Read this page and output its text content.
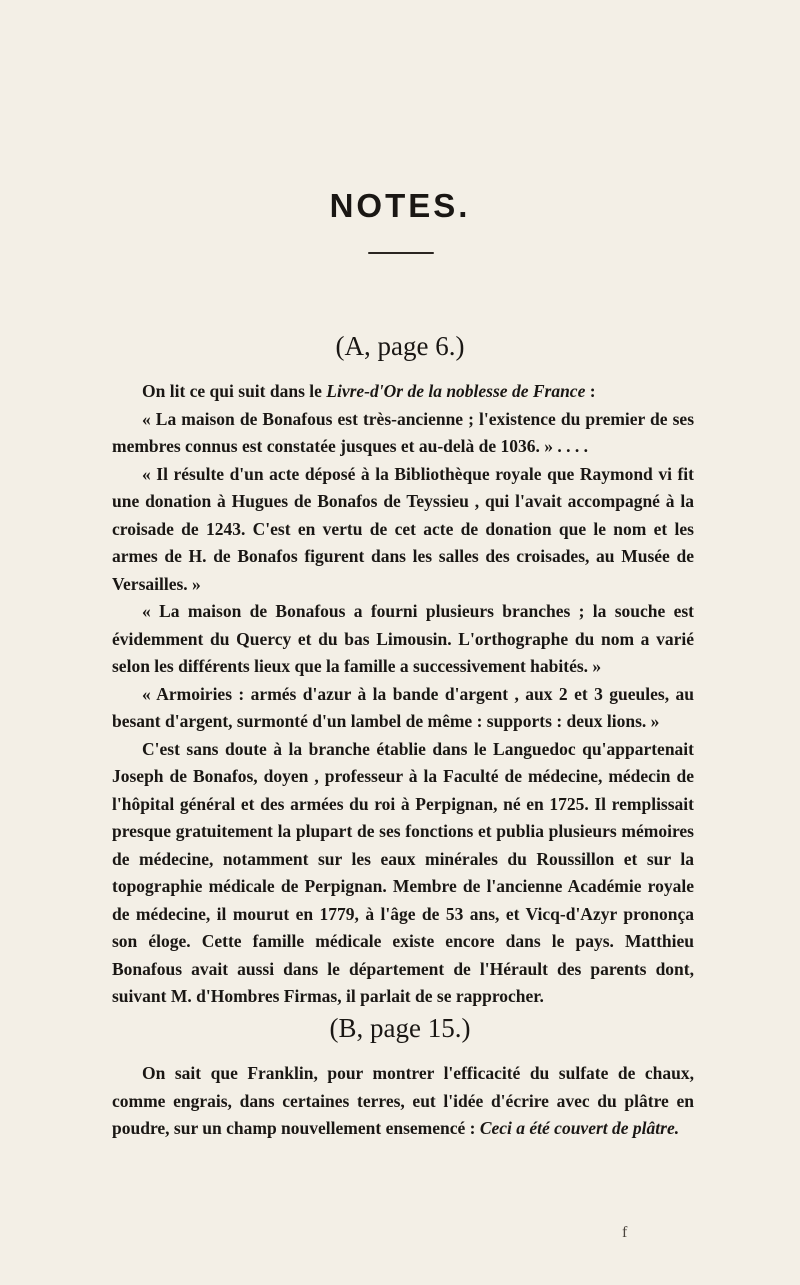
NOTES.
(A, page 6.)

On lit ce qui suit dans le Livre-d'Or de la noblesse de France :

« La maison de Bonafous est très-ancienne ; l'existence du premier de ses membres connus est constatée jusques et au-delà de 1036. » . . . .

« Il résulte d'un acte déposé à la Bibliothèque royale que Raymond vi fit une donation à Hugues de Bonafos de Teyssieu , qui l'avait accompagné à la croisade de 1243. C'est en vertu de cet acte de donation que le nom et les armes de H. de Bonafos figurent dans les salles des croisades, au Musée de Versailles. »

« La maison de Bonafous a fourni plusieurs branches ; la souche est évidemment du Quercy et du bas Limousin. L'orthographe du nom a varié selon les différents lieux que la famille a successivement habités. »

« Armoiries : armés d'azur à la bande d'argent , aux 2 et 3 gueules, au besant d'argent, surmonté d'un lambel de même : supports : deux lions. »

C'est sans doute à la branche établie dans le Languedoc qu'appartenait Joseph de Bonafos, doyen , professeur à la Faculté de médecine, médecin de l'hôpital général et des armées du roi à Perpignan, né en 1725. Il remplissait presque gratuitement la plupart de ses fonctions et publia plusieurs mémoires de médecine, notamment sur les eaux minérales du Roussillon et sur la topographie médicale de Perpignan. Membre de l'ancienne Académie royale de médecine, il mourut en 1779, à l'âge de 53 ans, et Vicq-d'Azyr prononça son éloge. Cette famille médicale existe encore dans le pays. Matthieu Bonafous avait aussi dans le département de l'Hérault des parents dont, suivant M. d'Hombres Firmas, il parlait de se rapprocher.

(B, page 15.)

On sait que Franklin, pour montrer l'efficacité du sulfate de chaux, comme engrais, dans certaines terres, eut l'idée d'écrire avec du plâtre en poudre, sur un champ nouvellement ensemencé : Ceci a été couvert de plâtre.

f
